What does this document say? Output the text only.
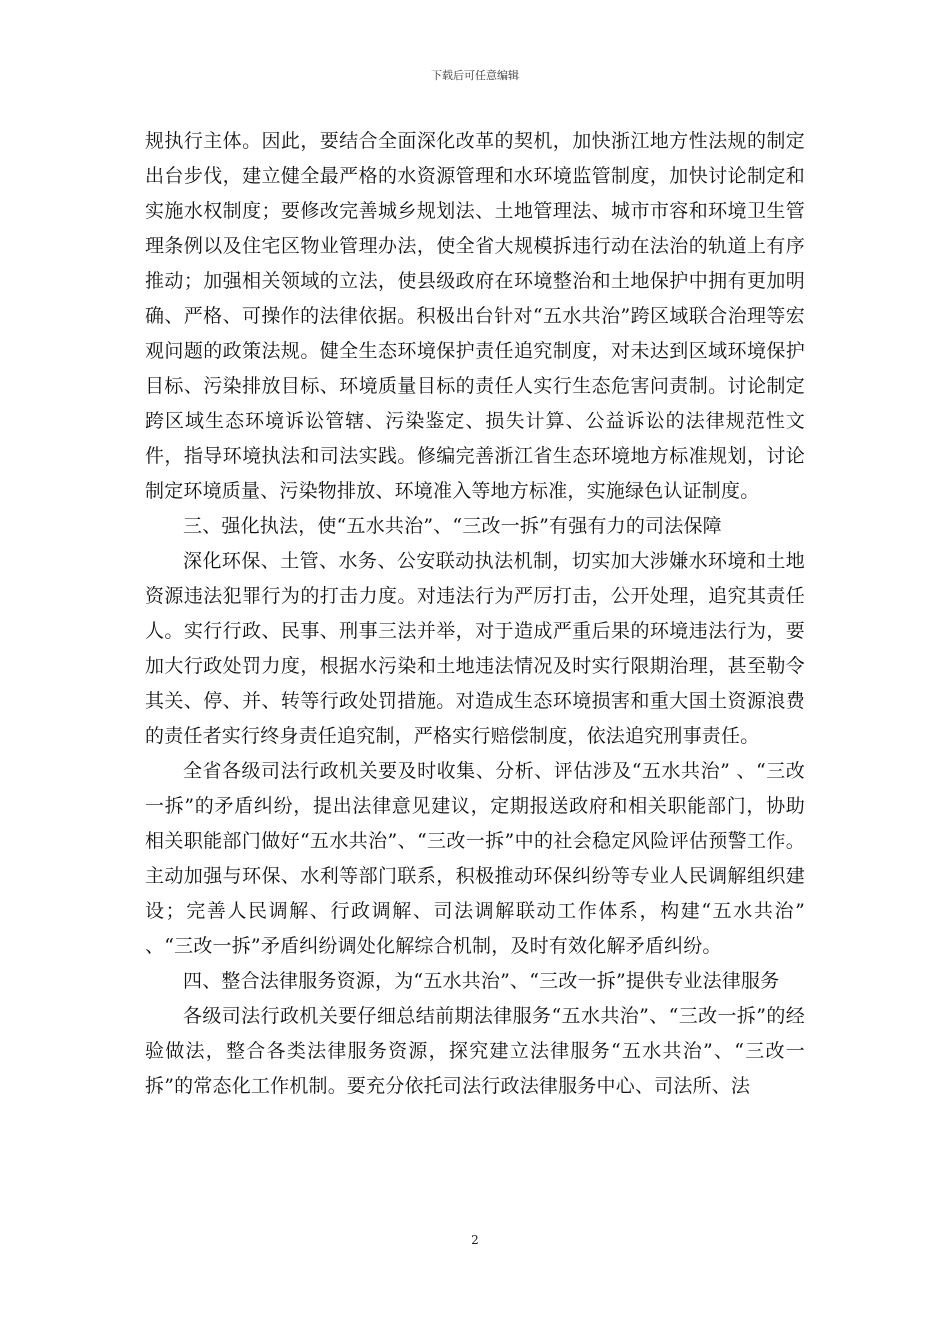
下载后可任意编辑

规执行主体。因此，要结合全面深化改革的契机，加快浙江地方性法规的制定出台步伐，建立健全最严格的水资源管理和水环境监管制度，加快讨论制定和实施水权制度；要修改完善城乡规划法、土地管理法、城市市容和环境卫生管理条例以及住宅区物业管理办法，使全省大规模拆违行动在法治的轨道上有序推动；加强相关领域的立法，使县级政府在环境整治和土地保护中拥有更加明确、严格、可操作的法律依据。积极出台针对“五水共治”跨区域联合治理等宏观问题的政策法规。健全生态环境保护责任追究制度，对未达到区域环境保护目标、污染排放目标、环境质量目标的责任人实行生态危害问责制。讨论制定跨区域生态环境诉讼管辖、污染鉴定、损失计算、公益诉讼的法律规范性文件，指导环境执法和司法实践。修编完善浙江省生态环境地方标准规划，讨论制定环境质量、污染物排放、环境准入等地方标准，实施绿色认证制度。

三、强化执法，使“五水共治”、“三改一拆”有强有力的司法保障

深化环保、土管、水务、公安联动执法机制，切实加大涉嫌水环境和土地资源违法犯罪行为的打击力度。对违法行为严厉打击，公开处理，追究其责任人。实行行政、民事、刑事三法并举，对于造成严重后果的环境违法行为，要加大行政处罚力度，根据水污染和土地违法情况及时实行限期治理，甚至勒令其关、停、并、转等行政处罚措施。对造成生态环境损害和重大国土资源浪费的责任者实行终身责任追究制，严格实行赔偿制度，依法追究刑事责任。

全省各级司法行政机关要及时收集、分析、评估涉及“五水共治” 、“三改一拆”的矛盾纠纷，提出法律意见建议，定期报送政府和相关职能部门，协助相关职能部门做好“五水共治”、“三改一拆”中的社会稳定风险评估预警工作。主动加强与环保、水利等部门联系，积极推动环保纠纷等专业人民调解组织建设；完善人民调解、行政调解、司法调解联动工作体系，构建“五水共治” 、“三改一拆”矛盾纠纷调处化解综合机制，及时有效化解矛盾纠纷。

四、整合法律服务资源，为“五水共治”、“三改一拆”提供专业法律服务

各级司法行政机关要仔细总结前期法律服务“五水共治”、“三改一拆”的经验做法，整合各类法律服务资源，探究建立法律服务“五水共治”、“三改一拆”的常态化工作机制。要充分依托司法行政法律服务中心、司法所、法

2
